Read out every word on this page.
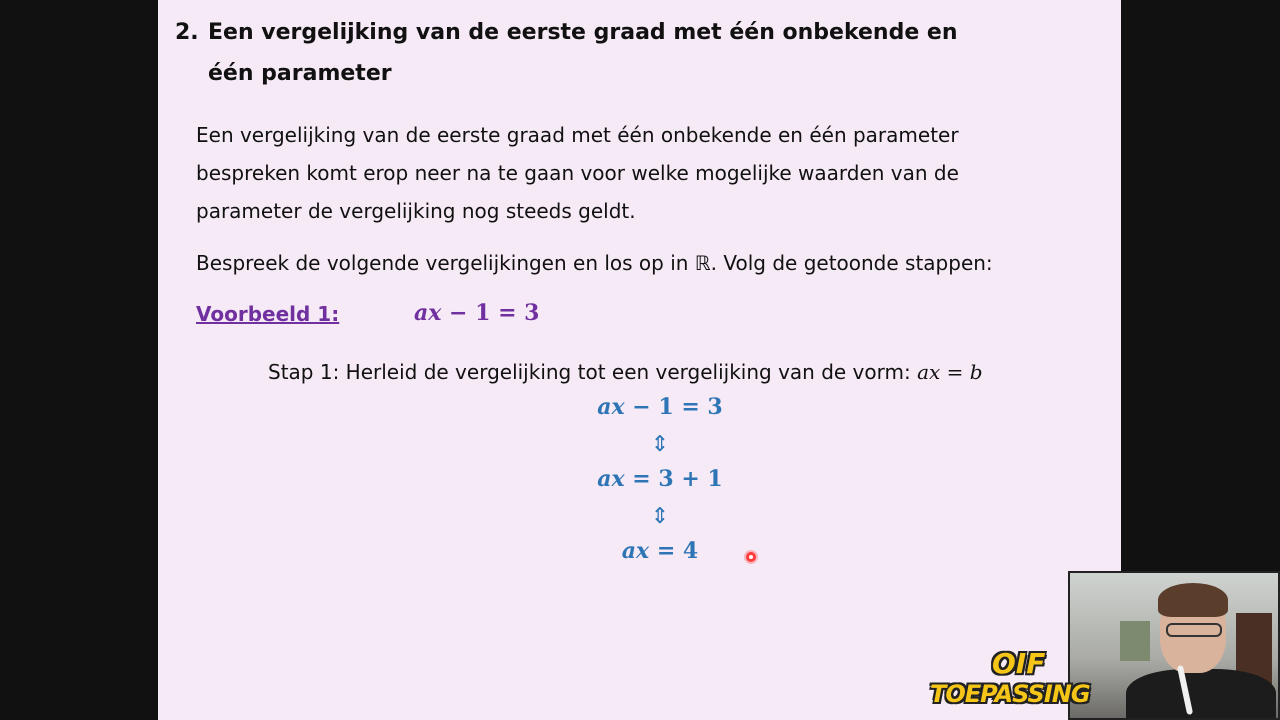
2. Een vergelijking van de eerste graad met één onbekende en
één parameter
Een vergelijking van de eerste graad met één onbekende en één parameter
bespreken komt erop neer na te gaan voor welke mogelijke waarden van de
parameter de vergelijking nog steeds geldt.
Bespreek de volgende vergelijkingen en los op in ℝ. Volg de getoonde stappen:
Voorbeeld 1:	ax − 1 = 3
Stap 1: Herleid de vergelijking tot een vergelijking van de vorm: ax = b
ax − 1 = 3
⇕
ax = 3 + 1
⇕
ax = 4
OIF
TOEPASSING
